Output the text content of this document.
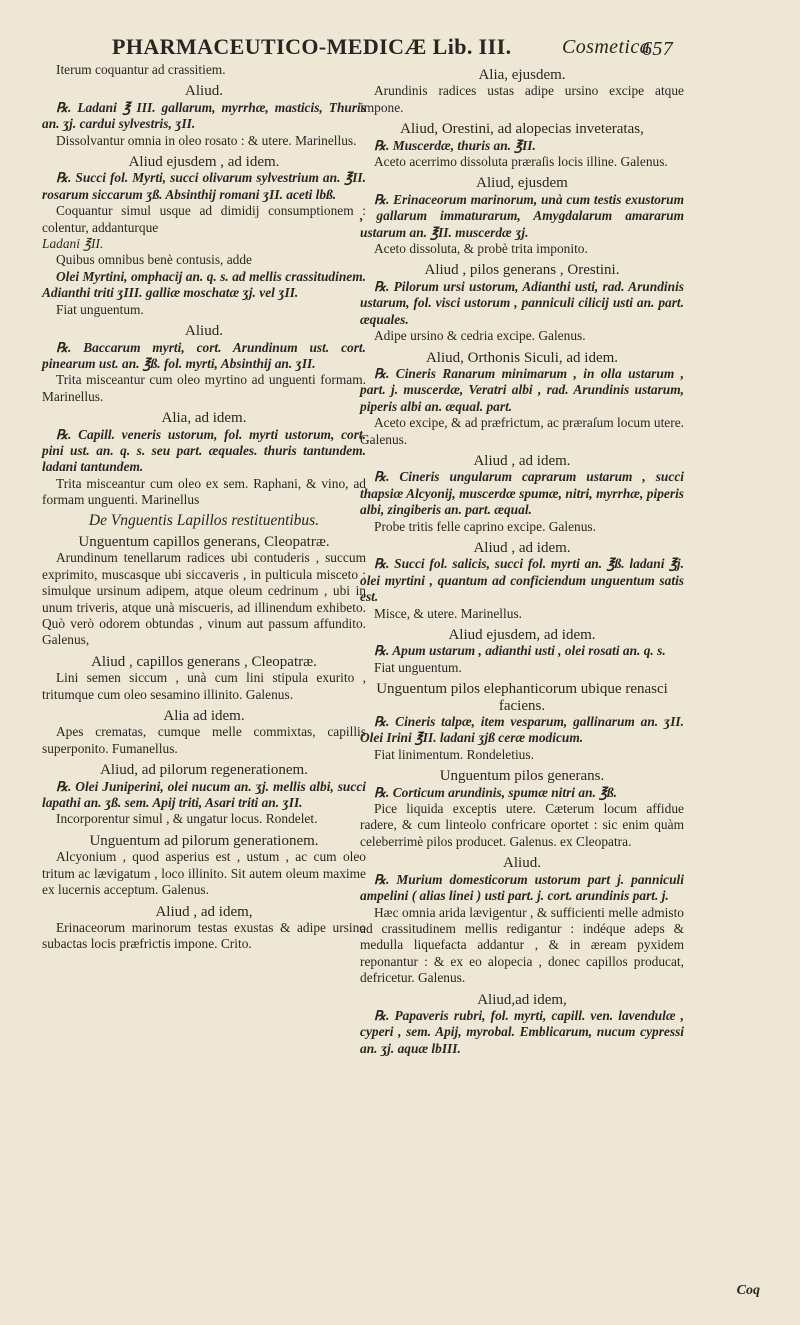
PHARMACEUTICO-MEDICÆ Lib. III.	Cosmetica
657
Iterum coquantur ad crassitiem.
Aliud.
℞. Ladani ℥ III. gallarum, myrrhæ, masticis, Thuris an. ʒj. cardui sylvestris, ʒII.
Dissolvantur omnia in oleo rosato : & utere. Marinellus.
Aliud ejusdem , ad idem.
℞. Succi fol. Myrti, succi olivarum sylvestrium an. ℥II. rosarum siccarum ʒß. Absinthij romani ʒII. aceti lbß.
Coquantur simul usque ad dimidij consumptionem : colentur, addanturque
Ladani ℥II.
Quibus omnibus benè contusis, adde
Olei Myrtini, omphacij an. q. s. ad mellis crassitudinem. Adianthi triti ʒIII. galliæ moschatæ ʒj. vel ʒII.
Fiat unguentum.
Aliud.
℞. Baccarum myrti, cort. Arundinum ust. cort. pinearum ust. an. ℥ß. fol. myrti, Absinthij an. ʒII.
Trita misceantur cum oleo myrtino ad unguenti formam. Marinellus.
Alia, ad idem.
℞. Capill. veneris ustorum, fol. myrti ustorum, cort. pini ust. an. q. s. seu part. æquales. thuris tantundem. ladani tantundem.
Trita misceantur cum oleo ex sem. Raphani, & vino, ad formam unguenti. Marinellus
De Vnguentis Lapillos restituentibus.
Unguentum capillos generans, Cleopatræ.
Arundinum tenellarum radices ubi contuderis , succum exprimito, muscasque ubi siccaveris , in pulticula misceto : simulque ursinum adipem, atque oleum cedrinum , ubi in unum triveris, atque unà miscueris, ad illinendum exhibeto. Quò verò odorem obtundas , vinum aut passum affundito. Galenus,
Aliud , capillos generans , Cleopatræ.
Lini semen siccum , unà cum lini stipula exurito , tritumque cum oleo sesamino illinito. Galenus.
Alia ad idem.
Apes crematas, cumque melle commixtas, capillis superponito. Fumanellus.
Aliud, ad pilorum regenerationem.
℞. Olei Juniperini, olei nucum an. ʒj. mellis albi, succi lapathi an. ʒß. sem. Apij triti, Asari triti an. ʒII.
Incorporentur simul , & ungatur locus. Rondelet.
Unguentum ad pilorum generationem.
Alcyonium , quod asperius est , ustum , ac cum oleo tritum ac lævigatum , loco illinito. Sit autem oleum maxime ex lucernis acceptum. Galenus.
Aliud , ad idem,
Erinaceorum marinorum testas exustas & adipe ursino subactas locis præfrictis impone. Crito.
Alia, ejusdem.
Arundinis radices ustas adipe ursino excipe atque impone.
Aliud, Orestini, ad alopecias inveteratas,
℞. Muscerdæ, thuris an. ℥II.
Aceto acerrimo dissoluta præraſis locis illine. Galenus.
Aliud, ejusdem
℞. Erinaceorum marinorum, unà cum testis exustorum , gallarum immaturarum, Amygdalarum amararum ustarum an. ℥II. muscerdæ ʒj.
Aceto dissoluta, & probè trita imponito.
Aliud , pilos generans , Orestini.
℞. Pilorum ursi ustorum, Adianthi usti, rad. Arundinis ustarum, fol. visci ustorum , panniculi cilicij usti an. part. æquales.
Adipe ursino & cedria excipe. Galenus.
Aliud, Orthonis Siculi, ad idem.
℞. Cineris Ranarum minimarum , in olla ustarum , part. j. muscerdæ, Veratri albi , rad. Arundinis ustarum, piperis albi an. æqual. part.
Aceto excipe, & ad præfrictum, ac præraſum locum utere. Galenus.
Aliud , ad idem.
℞. Cineris ungularum caprarum ustarum , succi thapsiæ Alcyonij, muscerdæ spumæ, nitri, myrrhæ, piperis albi, zingiberis an. part. æqual.
Probe tritis felle caprino excipe. Galenus.
Aliud , ad idem.
℞. Succi fol. salicis, succi fol. myrti an. ℥ß. ladani ℥j. olei myrtini , quantum ad conficiendum unguentum satis est.
Misce, & utere. Marinellus.
Aliud ejusdem, ad idem.
℞. Apum ustarum , adianthi usti , olei rosati an. q. s.
Fiat unguentum.
Unguentum pilos elephanticorum ubique renasci faciens.
℞. Cineris talpæ, item vesparum, gallinarum an. ʒII. Olei Irini ℥II. ladani ʒjß ceræ modicum.
Fiat linimentum. Rondeletius.
Unguentum pilos generans.
℞. Corticum arundinis, spumæ nitri an. ℥ß.
Pice liquida exceptis utere. Cæterum locum affidue radere, & cum linteolo confricare oportet : sic enim quàm celeberrimè pilos producet. Galenus. ex Cleopatra.
Aliud.
℞. Murium domesticorum ustorum part j. panniculi ampelini ( alias linei ) usti part. j. cort. arundinis part. j.
Hæc omnia arida lævigentur , & sufficienti melle admisto ad crassitudinem mellis redigantur : indéque adeps & medulla liquefacta addantur , & in æream pyxidem reponantur : & ex eo alopecia , donec capillos producat, defricetur. Galenus.
Aliud,ad idem,
℞. Papaveris rubri, fol. myrti, capill. ven. lavendulæ , cyperi , sem. Apij, myrobal. Emblicarum, nucum cypressi an. ʒj. aquæ lbIII.
Coq
